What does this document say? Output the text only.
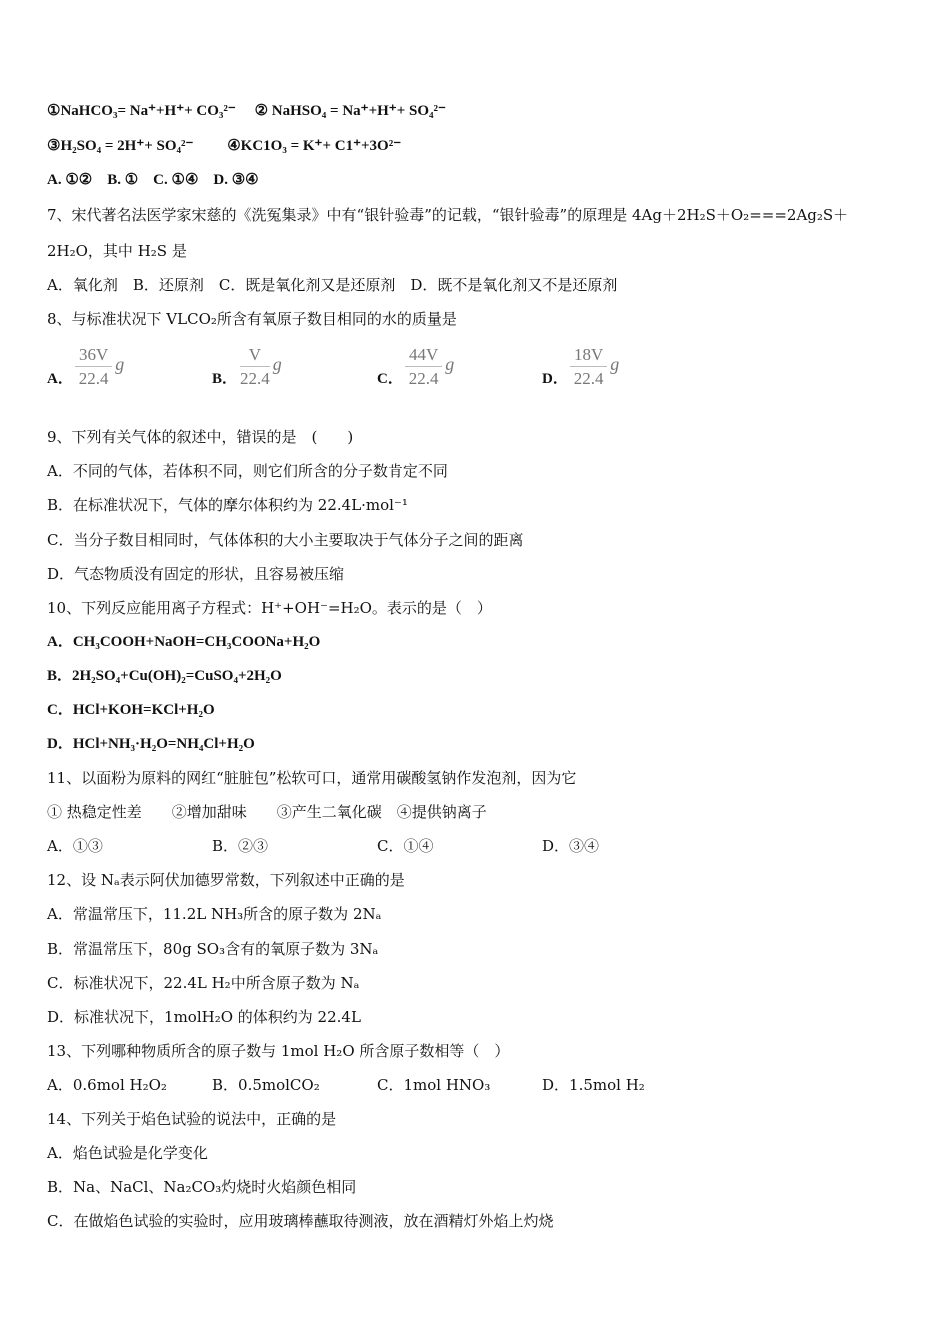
①NaHCO₃= Na⁺+H⁺+ CO₃²⁻　 ② NaHSO₄ = Na⁺+H⁺+ SO₄²⁻
③H₂SO₄ = 2H⁺+ SO₄²⁻　　 ④KC1O₃ = K⁺+ C1⁺+3O²⁻
A. ①②　B. ①　C. ①④　D. ③④
7、宋代著名法医学家宋慈的《洗冤集录》中有“银针验毒”的记载，“银针验毒”的原理是 4Ag＋2H₂S＋O₂===2Ag₂S＋
2H₂O，其中 H₂S 是
A．氧化剂　B．还原剂　C．既是氧化剂又是还原剂　D．既不是氧化剂又不是还原剂
8、与标准状况下 VLCO₂所含有氧原子数目相同的水的质量是
A．
36V
22.4
g
B．
V
22.4
g
C．
44V
22.4
g
D．
18V
22.4
g
9、下列有关气体的叙述中，错误的是　(　　)
A．不同的气体，若体积不同，则它们所含的分子数肯定不同
B．在标准状况下，气体的摩尔体积约为 22.4L·mol⁻¹
C．当分子数目相同时，气体体积的大小主要取决于气体分子之间的距离
D．气态物质没有固定的形状，且容易被压缩
10、下列反应能用离子方程式：H⁺+OH⁻=H₂O。表示的是（　）
A．CH₃COOH+NaOH=CH₃COONa+H₂O
B．2H₂SO₄+Cu(OH)₂=CuSO₄+2H₂O
C．HCl+KOH=KCl+H₂O
D．HCl+NH₃·H₂O=NH₄Cl+H₂O
11、以面粉为原料的网红“脏脏包”松软可口，通常用碳酸氢钠作发泡剂，因为它
① 热稳定性差　　②增加甜味　　③产生二氧化碳　④提供钠离子
A．①③	B．②③	C．①④	D．③④
12、设 Nₐ表示阿伏加德罗常数，下列叙述中正确的是
A．常温常压下，11.2L NH₃所含的原子数为 2Nₐ
B．常温常压下，80g SO₃含有的氧原子数为 3Nₐ
C．标准状况下，22.4L H₂中所含原子数为 Nₐ
D．标准状况下，1molH₂O 的体积约为 22.4L
13、下列哪种物质所含的原子数与 1mol H₂O 所含原子数相等（　）
A．0.6mol H₂O₂	B．0.5molCO₂	C．1mol HNO₃	D．1.5mol H₂
14、下列关于焰色试验的说法中，正确的是
A．焰色试验是化学变化
B．Na、NaCl、Na₂CO₃灼烧时火焰颜色相同
C．在做焰色试验的实验时，应用玻璃棒蘸取待测液，放在酒精灯外焰上灼烧
